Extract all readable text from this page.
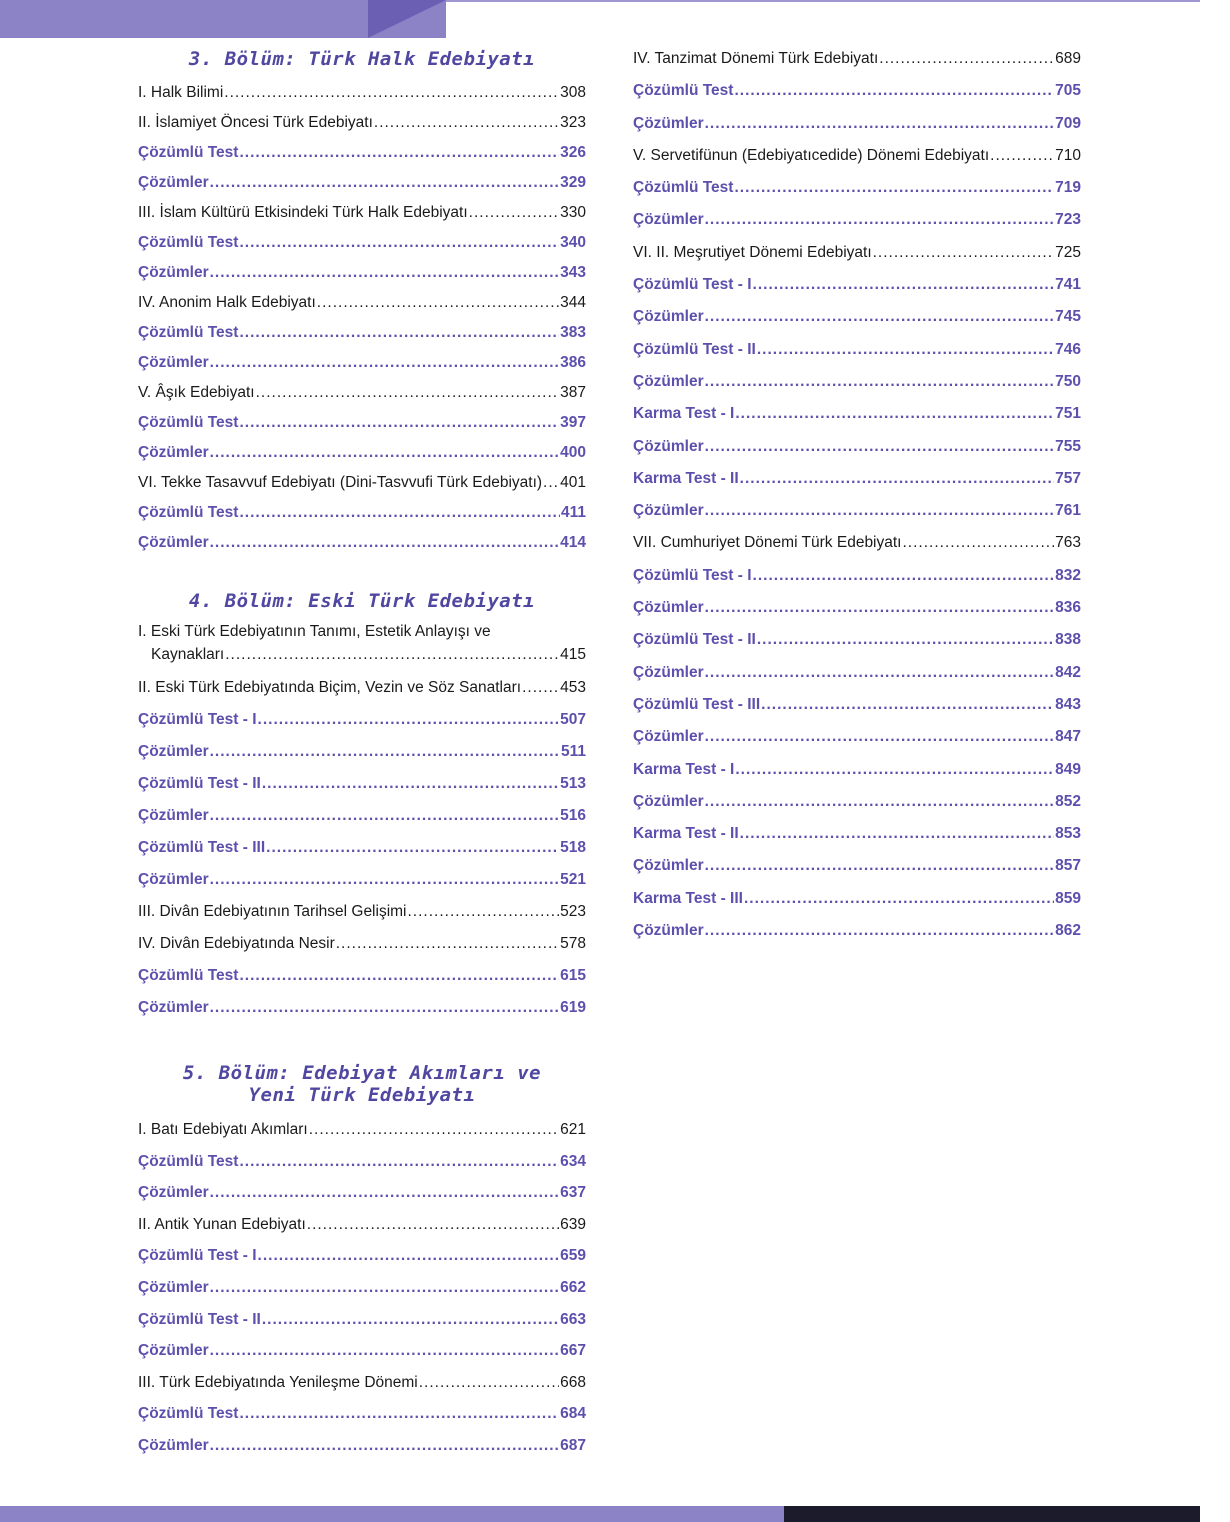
3. Bölüm: Türk Halk Edebiyatı
I. Halk Bilimi .....	308
II. İslamiyet Öncesi Türk Edebiyatı .....	323
Çözümlü Test .....	326
Çözümler .....	329
III. İslam Kültürü Etkisindeki Türk Halk Edebiyatı .....	330
Çözümlü Test .....	340
Çözümler .....	343
IV. Anonim Halk Edebiyatı .....	344
Çözümlü Test .....	383
Çözümler .....	386
V. Âşık Edebiyatı .....	387
Çözümlü Test .....	397
Çözümler .....	400
VI. Tekke Tasavvuf Edebiyatı (Dini-Tasvvufi Türk Edebiyatı) ..... 401
Çözümlü Test .....	411
Çözümler .....	414
4. Bölüm: Eski Türk Edebiyatı
I. Eski Türk Edebiyatının Tanımı, Estetik Anlayışı ve
Kaynakları .....	415
II. Eski Türk Edebiyatında Biçim, Vezin ve Söz Sanatları .....	453
Çözümlü Test - I .....	507
Çözümler .....	511
Çözümlü Test - II .....	513
Çözümler .....	516
Çözümlü Test - III .....	518
Çözümler .....	521
III. Divân Edebiyatının Tarihsel Gelişimi .....	523
IV. Divân Edebiyatında Nesir .....	578
Çözümlü Test .....	615
Çözümler .....	619
5. Bölüm: Edebiyat Akımları ve
Yeni Türk Edebiyatı
I. Batı Edebiyatı Akımları .....	621
Çözümlü Test .....	634
Çözümler .....	637
II. Antik Yunan Edebiyatı .....	639
Çözümlü Test - I .....	659
Çözümler .....	662
Çözümlü Test - II .....	663
Çözümler .....	667
III. Türk Edebiyatında Yenileşme Dönemi .....	668
Çözümlü Test .....	684
Çözümler .....	687
IV. Tanzimat Dönemi Türk Edebiyatı .....	689
Çözümlü Test .....	705
Çözümler .....	709
V. Servetifünun (Edebiyatıcedide) Dönemi Edebiyatı .....	710
Çözümlü Test .....	719
Çözümler .....	723
VI. II. Meşrutiyet Dönemi Edebiyatı .....	725
Çözümlü Test - I .....	741
Çözümler .....	745
Çözümlü Test - II .....	746
Çözümler .....	750
Karma Test - I .....	751
Çözümler .....	755
Karma Test - II .....	757
Çözümler .....	761
VII. Cumhuriyet Dönemi Türk Edebiyatı .....	763
Çözümlü Test - I .....	832
Çözümler .....	836
Çözümlü Test - II .....	838
Çözümler .....	842
Çözümlü Test - III .....	843
Çözümler .....	847
Karma Test - I .....	849
Çözümler .....	852
Karma Test - II .....	853
Çözümler .....	857
Karma Test - III .....	859
Çözümler .....	862
